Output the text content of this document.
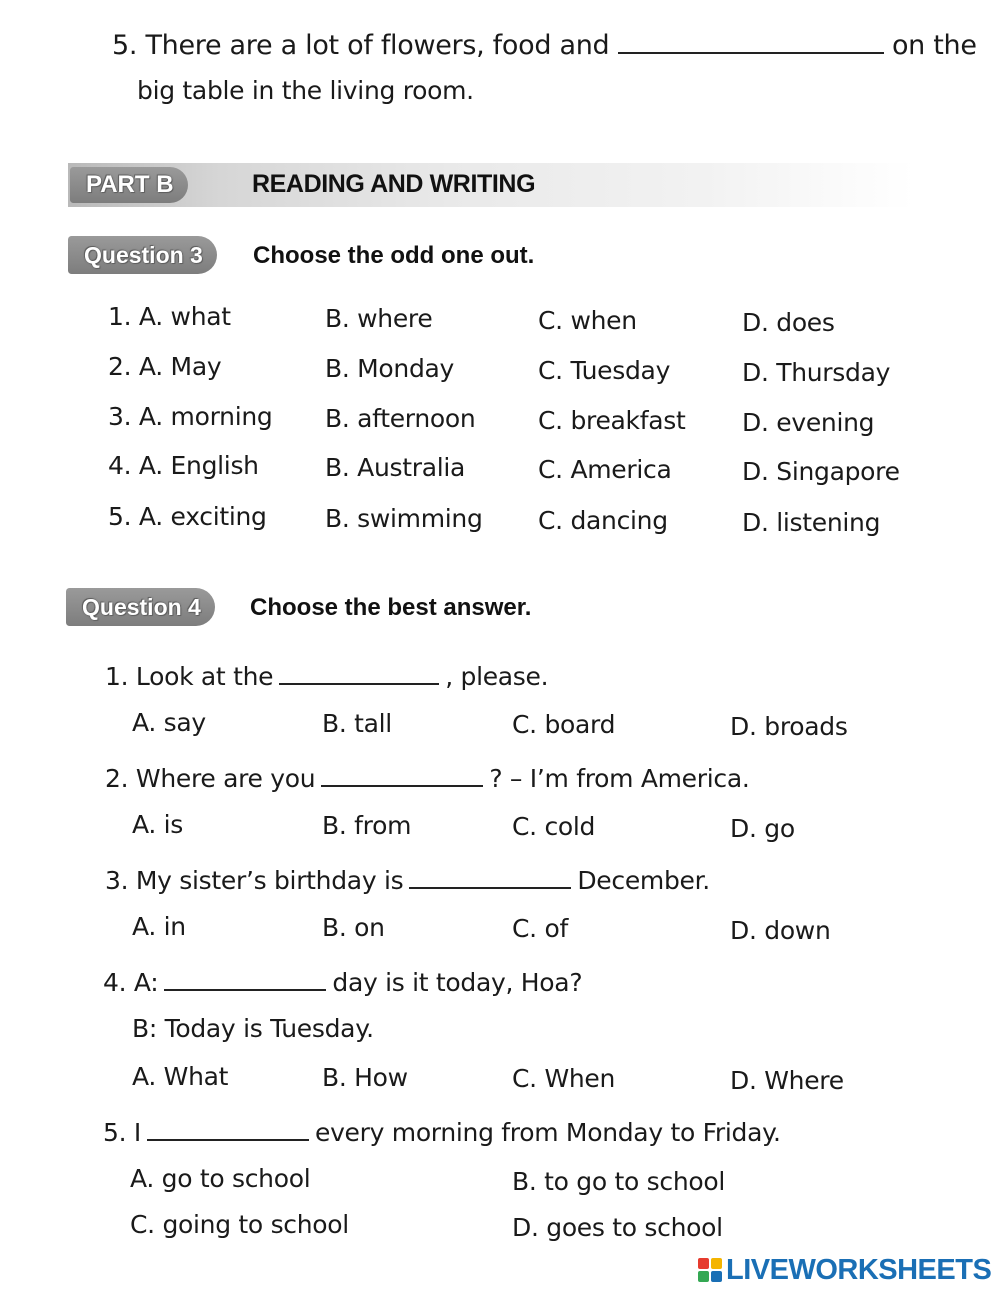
5. There are a lot of flowers, food and	on the
big table in the living room.
PART B	READING AND WRITING
Question 3	Choose the odd one out.
1. A. what	B. where	C. when	D. does
2. A. May	B. Monday	C. Tuesday	D. Thursday
3. A. morning B. afternoon	C. breakfast D. evening
4. A. English	B. Australia	C. America	D. Singapore
5. A. exciting B. swimming C. dancing	D. listening
Question 4	Choose the best answer.
1. Look at the	, please.
A. say	B. tall	C. board	D. broads
2. Where are you	? – I’m from America.
A. is	B. from	C. cold	D. go
3. My sister’s birthday is	December.
A. in	B. on	C. of	D. down
4. A:	day is it today, Hoa?
B: Today is Tuesday.
A. What	B. How	C. When	D. Where
5. I	every morning from Monday to Friday.
A. go to school	B. to go to school
C. going to school	D. goes to school
LIVEWORKSHEETS
